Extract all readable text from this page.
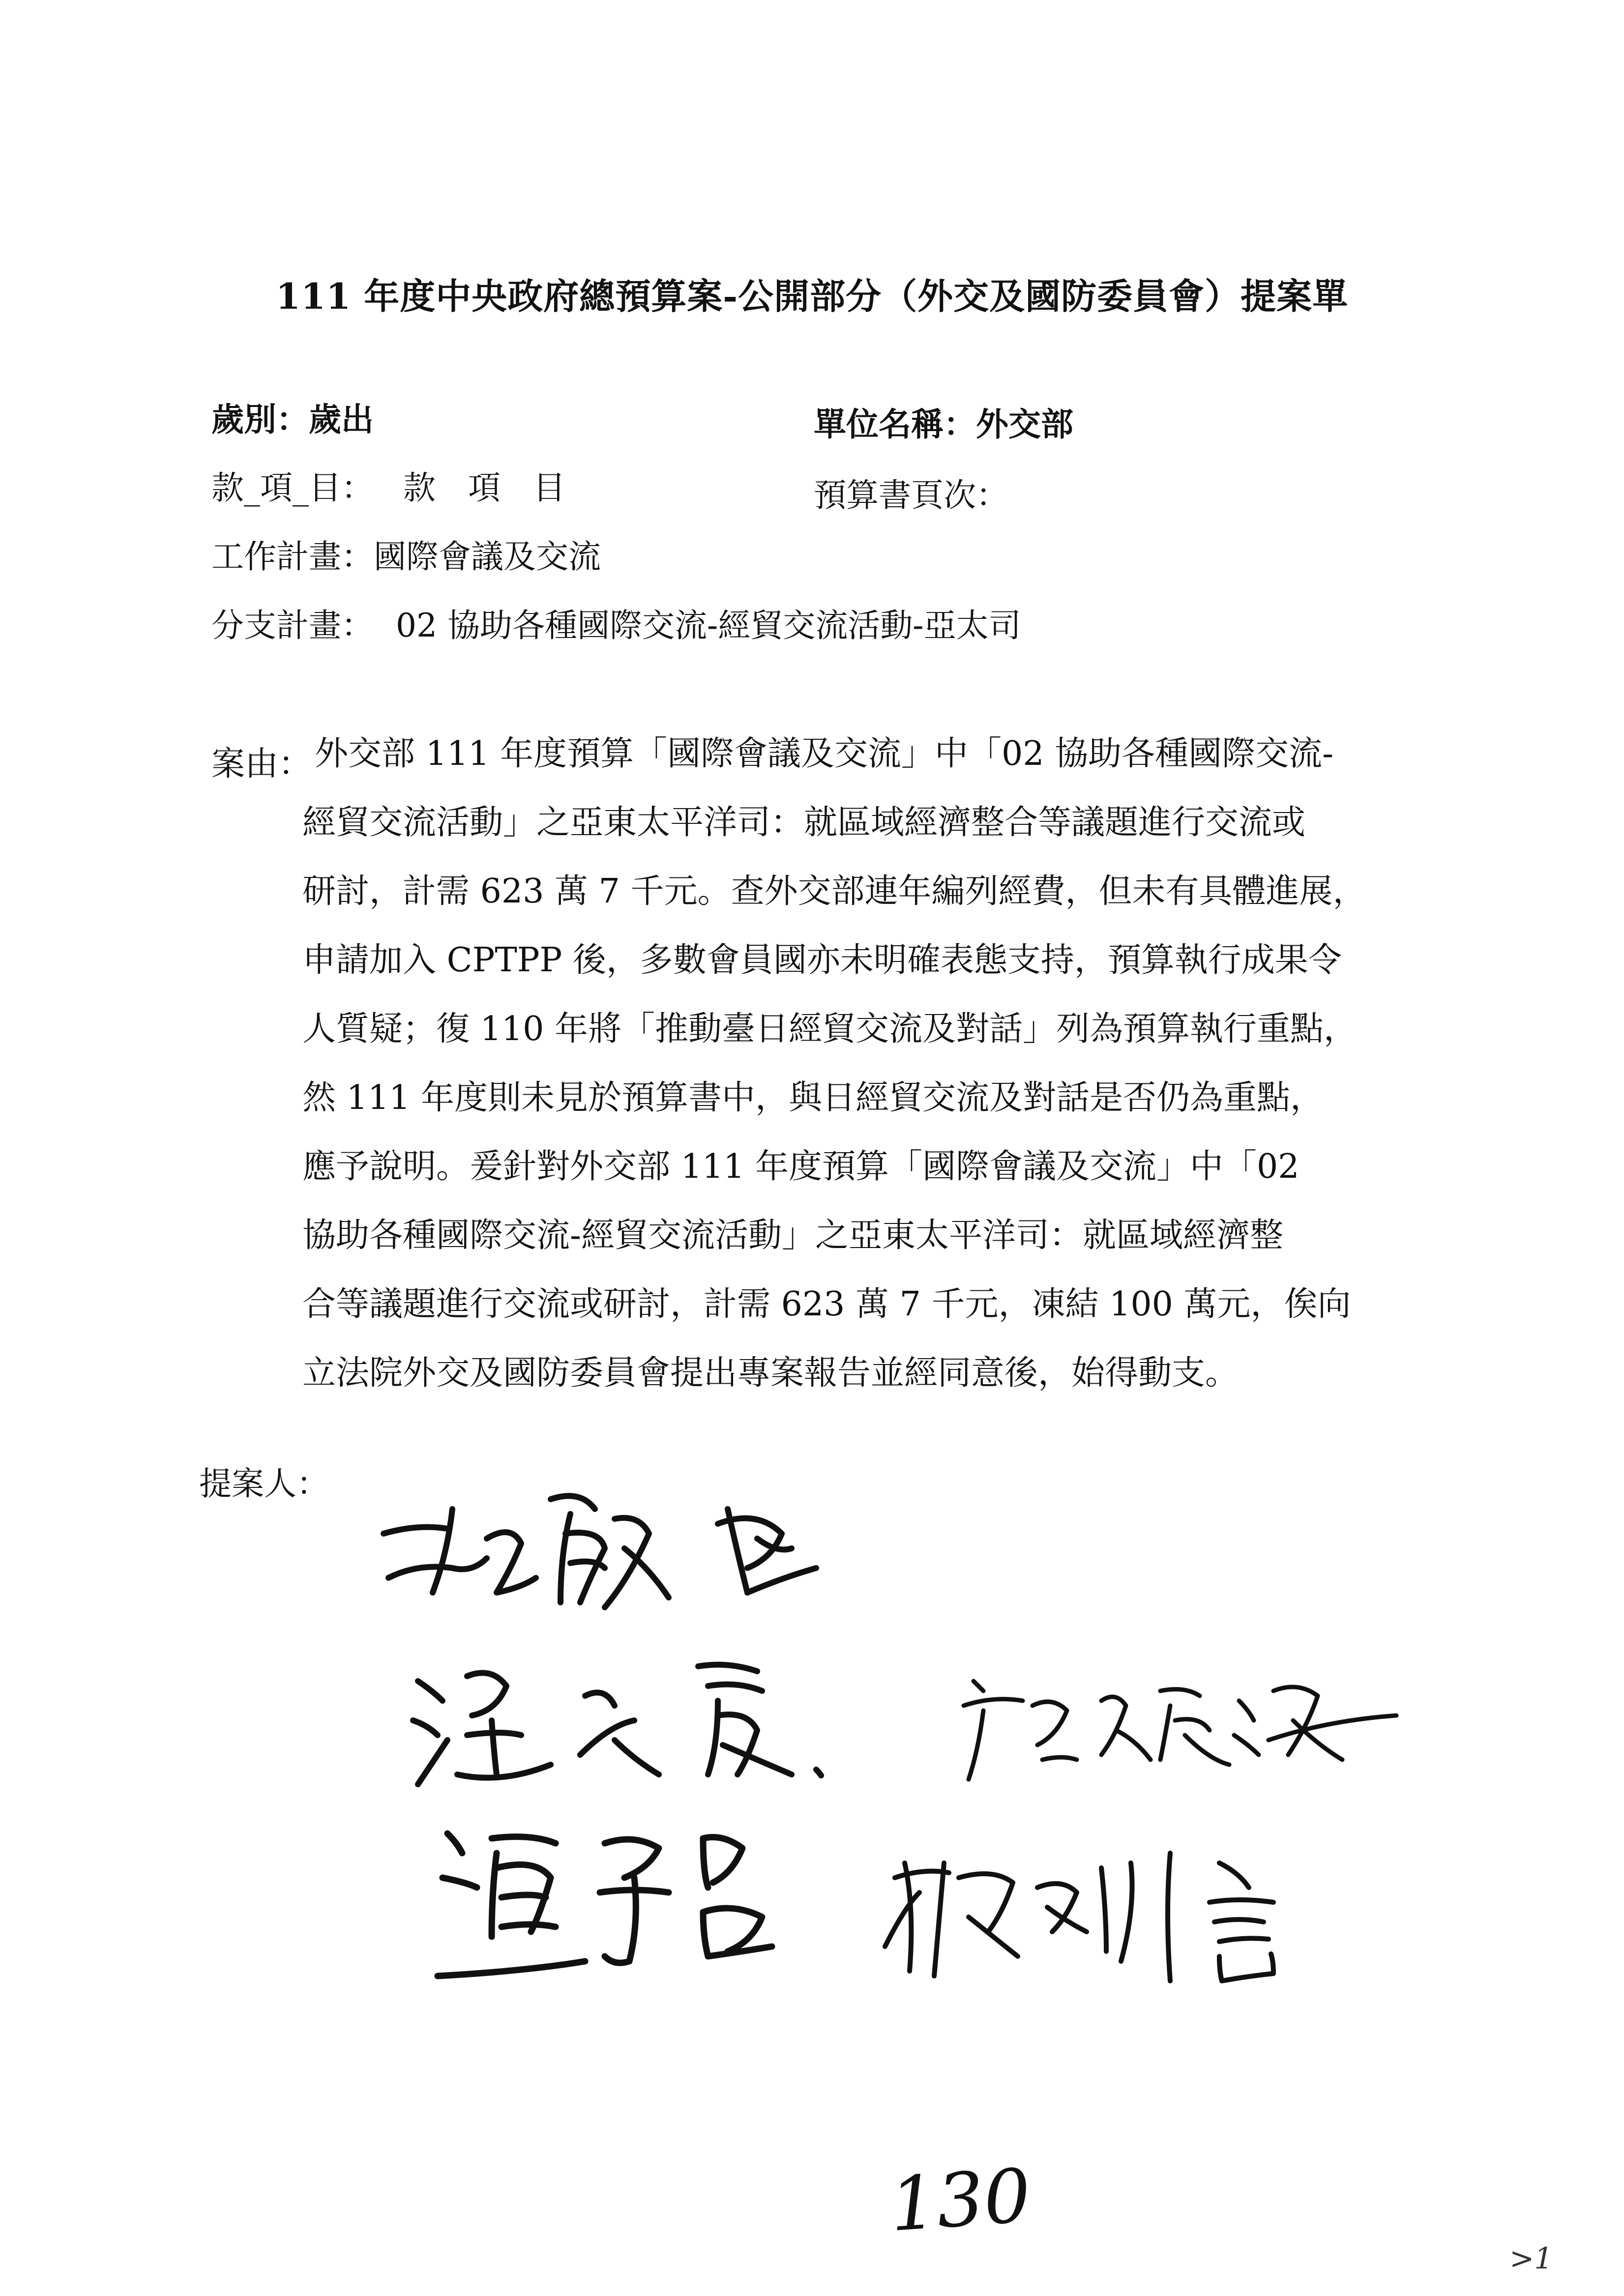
111 年度中央政府總預算案-公開部分（外交及國防委員會）提案單
歲別：歲出	單位名稱：外交部
款_項_目： 款　項　目	預算書頁次：
工作計畫：國際會議及交流
分支計畫： 02 協助各種國際交流-經貿交流活動-亞太司
案由： 外交部 111 年度預算「國際會議及交流」中「02 協助各種國際交流-
經貿交流活動」之亞東太平洋司：就區域經濟整合等議題進行交流或
研討，計需 623 萬 7 千元。查外交部連年編列經費，但未有具體進展，
申請加入 CPTPP 後，多數會員國亦未明確表態支持，預算執行成果令
人質疑；復 110 年將「推動臺日經貿交流及對話」列為預算執行重點，
然 111 年度則未見於預算書中，與日經貿交流及對話是否仍為重點，
應予說明。爰針對外交部 111 年度預算「國際會議及交流」中「02
協助各種國際交流-經貿交流活動」之亞東太平洋司：就區域經濟整
合等議題進行交流或研討，計需 623 萬 7 千元，凍結 100 萬元，俟向
立法院外交及國防委員會提出專案報告並經同意後，始得動支。
提案人：
130
>1
